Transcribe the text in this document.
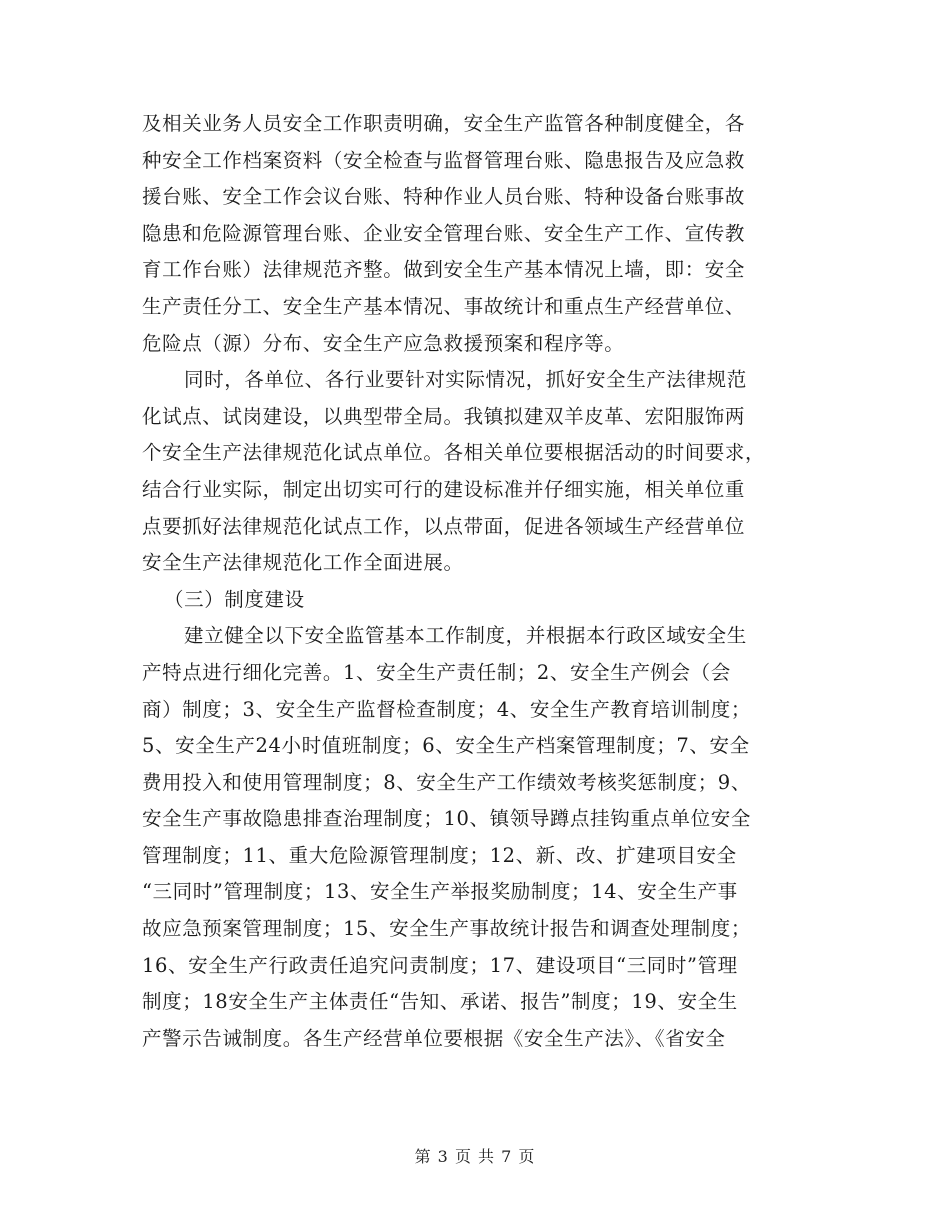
及相关业务人员安全工作职责明确，安全生产监管各种制度健全，各
种安全工作档案资料（安全检查与监督管理台账、隐患报告及应急救
援台账、安全工作会议台账、特种作业人员台账、特种设备台账事故
隐患和危险源管理台账、企业安全管理台账、安全生产工作、宣传教
育工作台账）法律规范齐整。做到安全生产基本情况上墙，即：安全
生产责任分工、安全生产基本情况、事故统计和重点生产经营单位、
危险点（源）分布、安全生产应急救援预案和程序等。
同时，各单位、各行业要针对实际情况，抓好安全生产法律规范
化试点、试岗建设，以典型带全局。我镇拟建双羊皮革、宏阳服饰两
个安全生产法律规范化试点单位。各相关单位要根据活动的时间要求，
结合行业实际，制定出切实可行的建设标准并仔细实施，相关单位重
点要抓好法律规范化试点工作，以点带面，促进各领域生产经营单位
安全生产法律规范化工作全面进展。
（三）制度建设
建立健全以下安全监管基本工作制度，并根据本行政区域安全生
产特点进行细化完善。1、安全生产责任制；2、安全生产例会（会
商）制度；3、安全生产监督检查制度；4、安全生产教育培训制度；
5、安全生产24小时值班制度；6、安全生产档案管理制度；7、安全
费用投入和使用管理制度；8、安全生产工作绩效考核奖惩制度；9、
安全生产事故隐患排查治理制度；10、镇领导蹲点挂钩重点单位安全
管理制度；11、重大危险源管理制度；12、新、改、扩建项目安全
“三同时”管理制度；13、安全生产举报奖励制度；14、安全生产事
故应急预案管理制度；15、安全生产事故统计报告和调查处理制度；
16、安全生产行政责任追究问责制度；17、建设项目“三同时”管理
制度；18安全生产主体责任“告知、承诺、报告”制度；19、安全生
产警示告诫制度。各生产经营单位要根据《安全生产法》、《省安全
第 3 页 共 7 页
